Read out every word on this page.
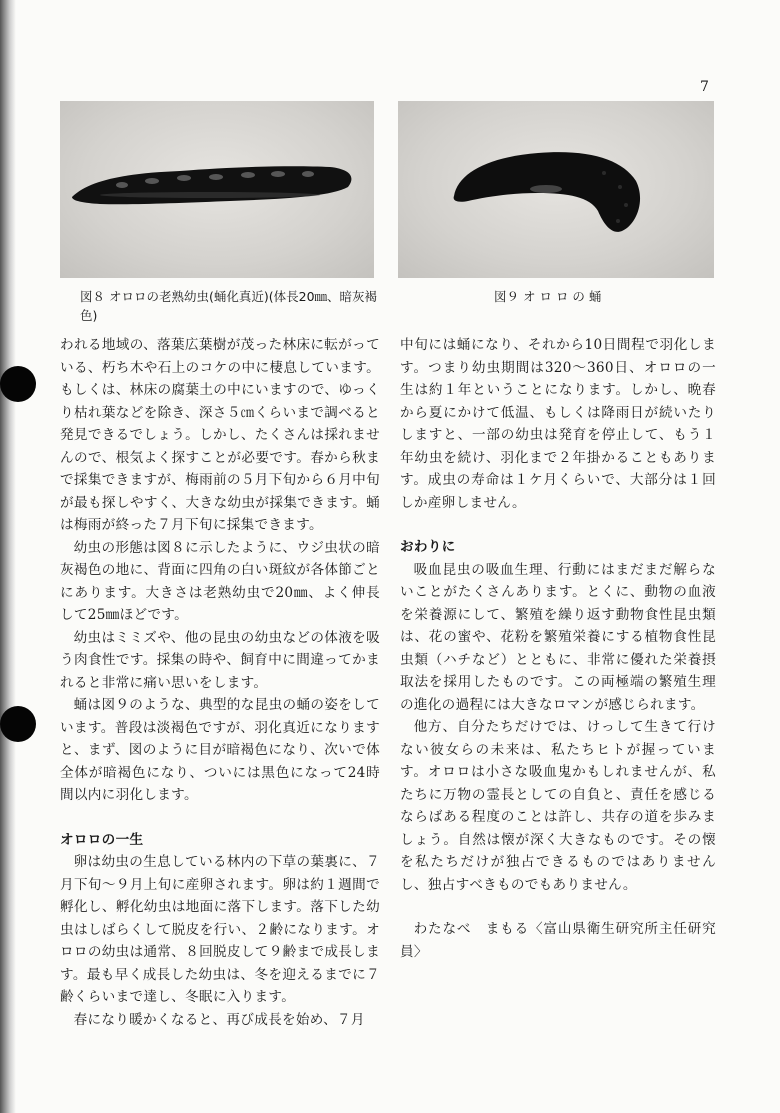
7
図８ オロロの老熟幼虫(蛹化真近)(体長20㎜、暗灰褐色)
図９ オ ロ ロ の 蛹

われる地域の、落葉広葉樹が茂った林床に転がっている、朽ち木や石上のコケの中に棲息しています。もしくは、林床の腐葉土の中にいますので、ゆっくり枯れ葉などを除き、深さ５㎝くらいまで調べると発見できるでしょう。しかし、たくさんは採れませんので、根気よく探すことが必要です。春から秋まで採集できますが、梅雨前の５月下旬から６月中旬が最も探しやすく、大きな幼虫が採集できます。蛹は梅雨が終った７月下旬に採集できます。

幼虫の形態は図８に示したように、ウジ虫状の暗灰褐色の地に、背面に四角の白い斑紋が各体節ごとにあります。大きさは老熟幼虫で20㎜、よく伸長して25㎜ほどです。

幼虫はミミズや、他の昆虫の幼虫などの体液を吸う肉食性です。採集の時や、飼育中に間違ってかまれると非常に痛い思いをします。

蛹は図９のような、典型的な昆虫の蛹の姿をしています。普段は淡褐色ですが、羽化真近になりますと、まず、図のように目が暗褐色になり、次いで体全体が暗褐色になり、ついには黒色になって24時間以内に羽化します。

オロロの一生

卵は幼虫の生息している林内の下草の葉裏に、７月下旬～９月上旬に産卵されます。卵は約１週間で孵化し、孵化幼虫は地面に落下します。落下した幼虫はしばらくして脱皮を行い、２齢になります。オロロの幼虫は通常、８回脱皮して９齢まで成長します。最も早く成長した幼虫は、冬を迎えるまでに７齢くらいまで達し、冬眠に入ります。

春になり暖かくなると、再び成長を始め、７月

中旬には蛹になり、それから10日間程で羽化します。つまり幼虫期間は320～360日、オロロの一生は約１年ということになります。しかし、晩春から夏にかけて低温、もしくは降雨日が続いたりしますと、一部の幼虫は発育を停止して、もう１年幼虫を続け、羽化まで２年掛かることもあります。成虫の寿命は１ケ月くらいで、大部分は１回しか産卵しません。

おわりに

吸血昆虫の吸血生理、行動にはまだまだ解らないことがたくさんあります。とくに、動物の血液を栄養源にして、繁殖を繰り返す動物食性昆虫類は、花の蜜や、花粉を繁殖栄養にする植物食性昆虫類（ハチなど）とともに、非常に優れた栄養摂取法を採用したものです。この両極端の繁殖生理の進化の過程には大きなロマンが感じられます。

他方、自分たちだけでは、けっして生きて行けない彼女らの未来は、私たちヒトが握っています。オロロは小さな吸血鬼かもしれませんが、私たちに万物の霊長としての自負と、責任を感じるならばある程度のことは許し、共存の道を歩みましょう。自然は懐が深く大きなものです。その懐を私たちだけが独占できるものではありませんし、独占すべきものでもありません。

わたなべ　まもる〈富山県衛生研究所主任研究員〉
